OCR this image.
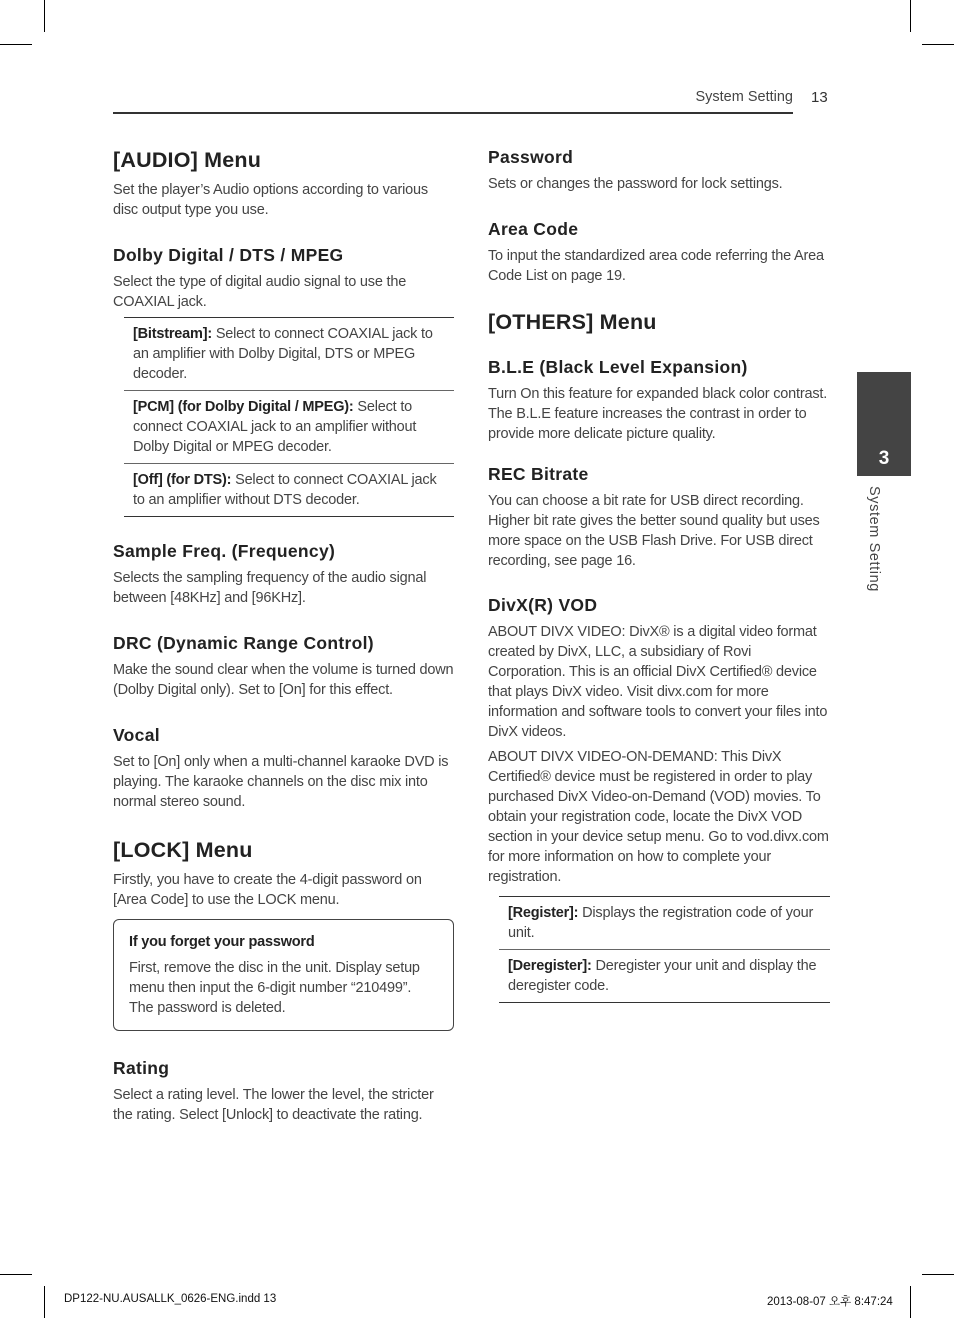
System Setting 13
[AUDIO] Menu

Set the player’s Audio options according to various disc output type you use.

Dolby Digital / DTS / MPEG

Select the type of digital audio signal to use the COAXIAL jack.

[Bitstream]: Select to connect COAXIAL jack to an amplifier with Dolby Digital, DTS or MPEG decoder.
[PCM] (for Dolby Digital / MPEG): Select to connect COAXIAL jack to an amplifier without Dolby Digital or MPEG decoder.
[Off] (for DTS): Select to connect COAXIAL jack to an amplifier without DTS decoder.
Sample Freq. (Frequency)

Selects the sampling frequency of the audio signal between [48KHz] and [96KHz].

DRC (Dynamic Range Control)

Make the sound clear when the volume is turned down (Dolby Digital only). Set to [On] for this effect.

Vocal

Set to [On] only when a multi-channel karaoke DVD is playing. The karaoke channels on the disc mix into normal stereo sound.

[LOCK] Menu

Firstly, you have to create the 4-digit password on [Area Code] to use the LOCK menu.

If you forget your password

First, remove the disc in the unit. Display setup menu then input the 6-digit number “210499”. The password is deleted.

Rating

Select a rating level. The lower the level, the stricter the rating. Select [Unlock] to deactivate the rating.

Password

Sets or changes the password for lock settings.

Area Code

To input the standardized area code referring the Area Code List on page 19.

[OTHERS] Menu
B.L.E (Black Level Expansion)

Turn On this feature for expanded black color contrast. The B.L.E feature increases the contrast in order to provide more delicate picture quality.

REC Bitrate

You can choose a bit rate for USB direct recording. Higher bit rate gives the better sound quality but uses more space on the USB Flash Drive. For USB direct recording, see page 16.

DivX(R) VOD

ABOUT DIVX VIDEO: DivX® is a digital video format created by DivX, LLC, a subsidiary of Rovi Corporation. This is an official DivX Certified® device that plays DivX video. Visit divx.com for more information and software tools to convert your files into DivX videos.

ABOUT DIVX VIDEO-ON-DEMAND: This DivX Certified® device must be registered in order to play purchased DivX Video-on-Demand (VOD) movies. To obtain your registration code, locate the DivX VOD section in your device setup menu. Go to vod.divx.com for more information on how to complete your registration.

[Register]: Displays the registration code of your unit.
[Deregister]: Deregister your unit and display the deregister code.
3
System Setting
DP122-NU.AUSALLK_0626-ENG.indd 13	2013-08-07 오후 8:47:24
